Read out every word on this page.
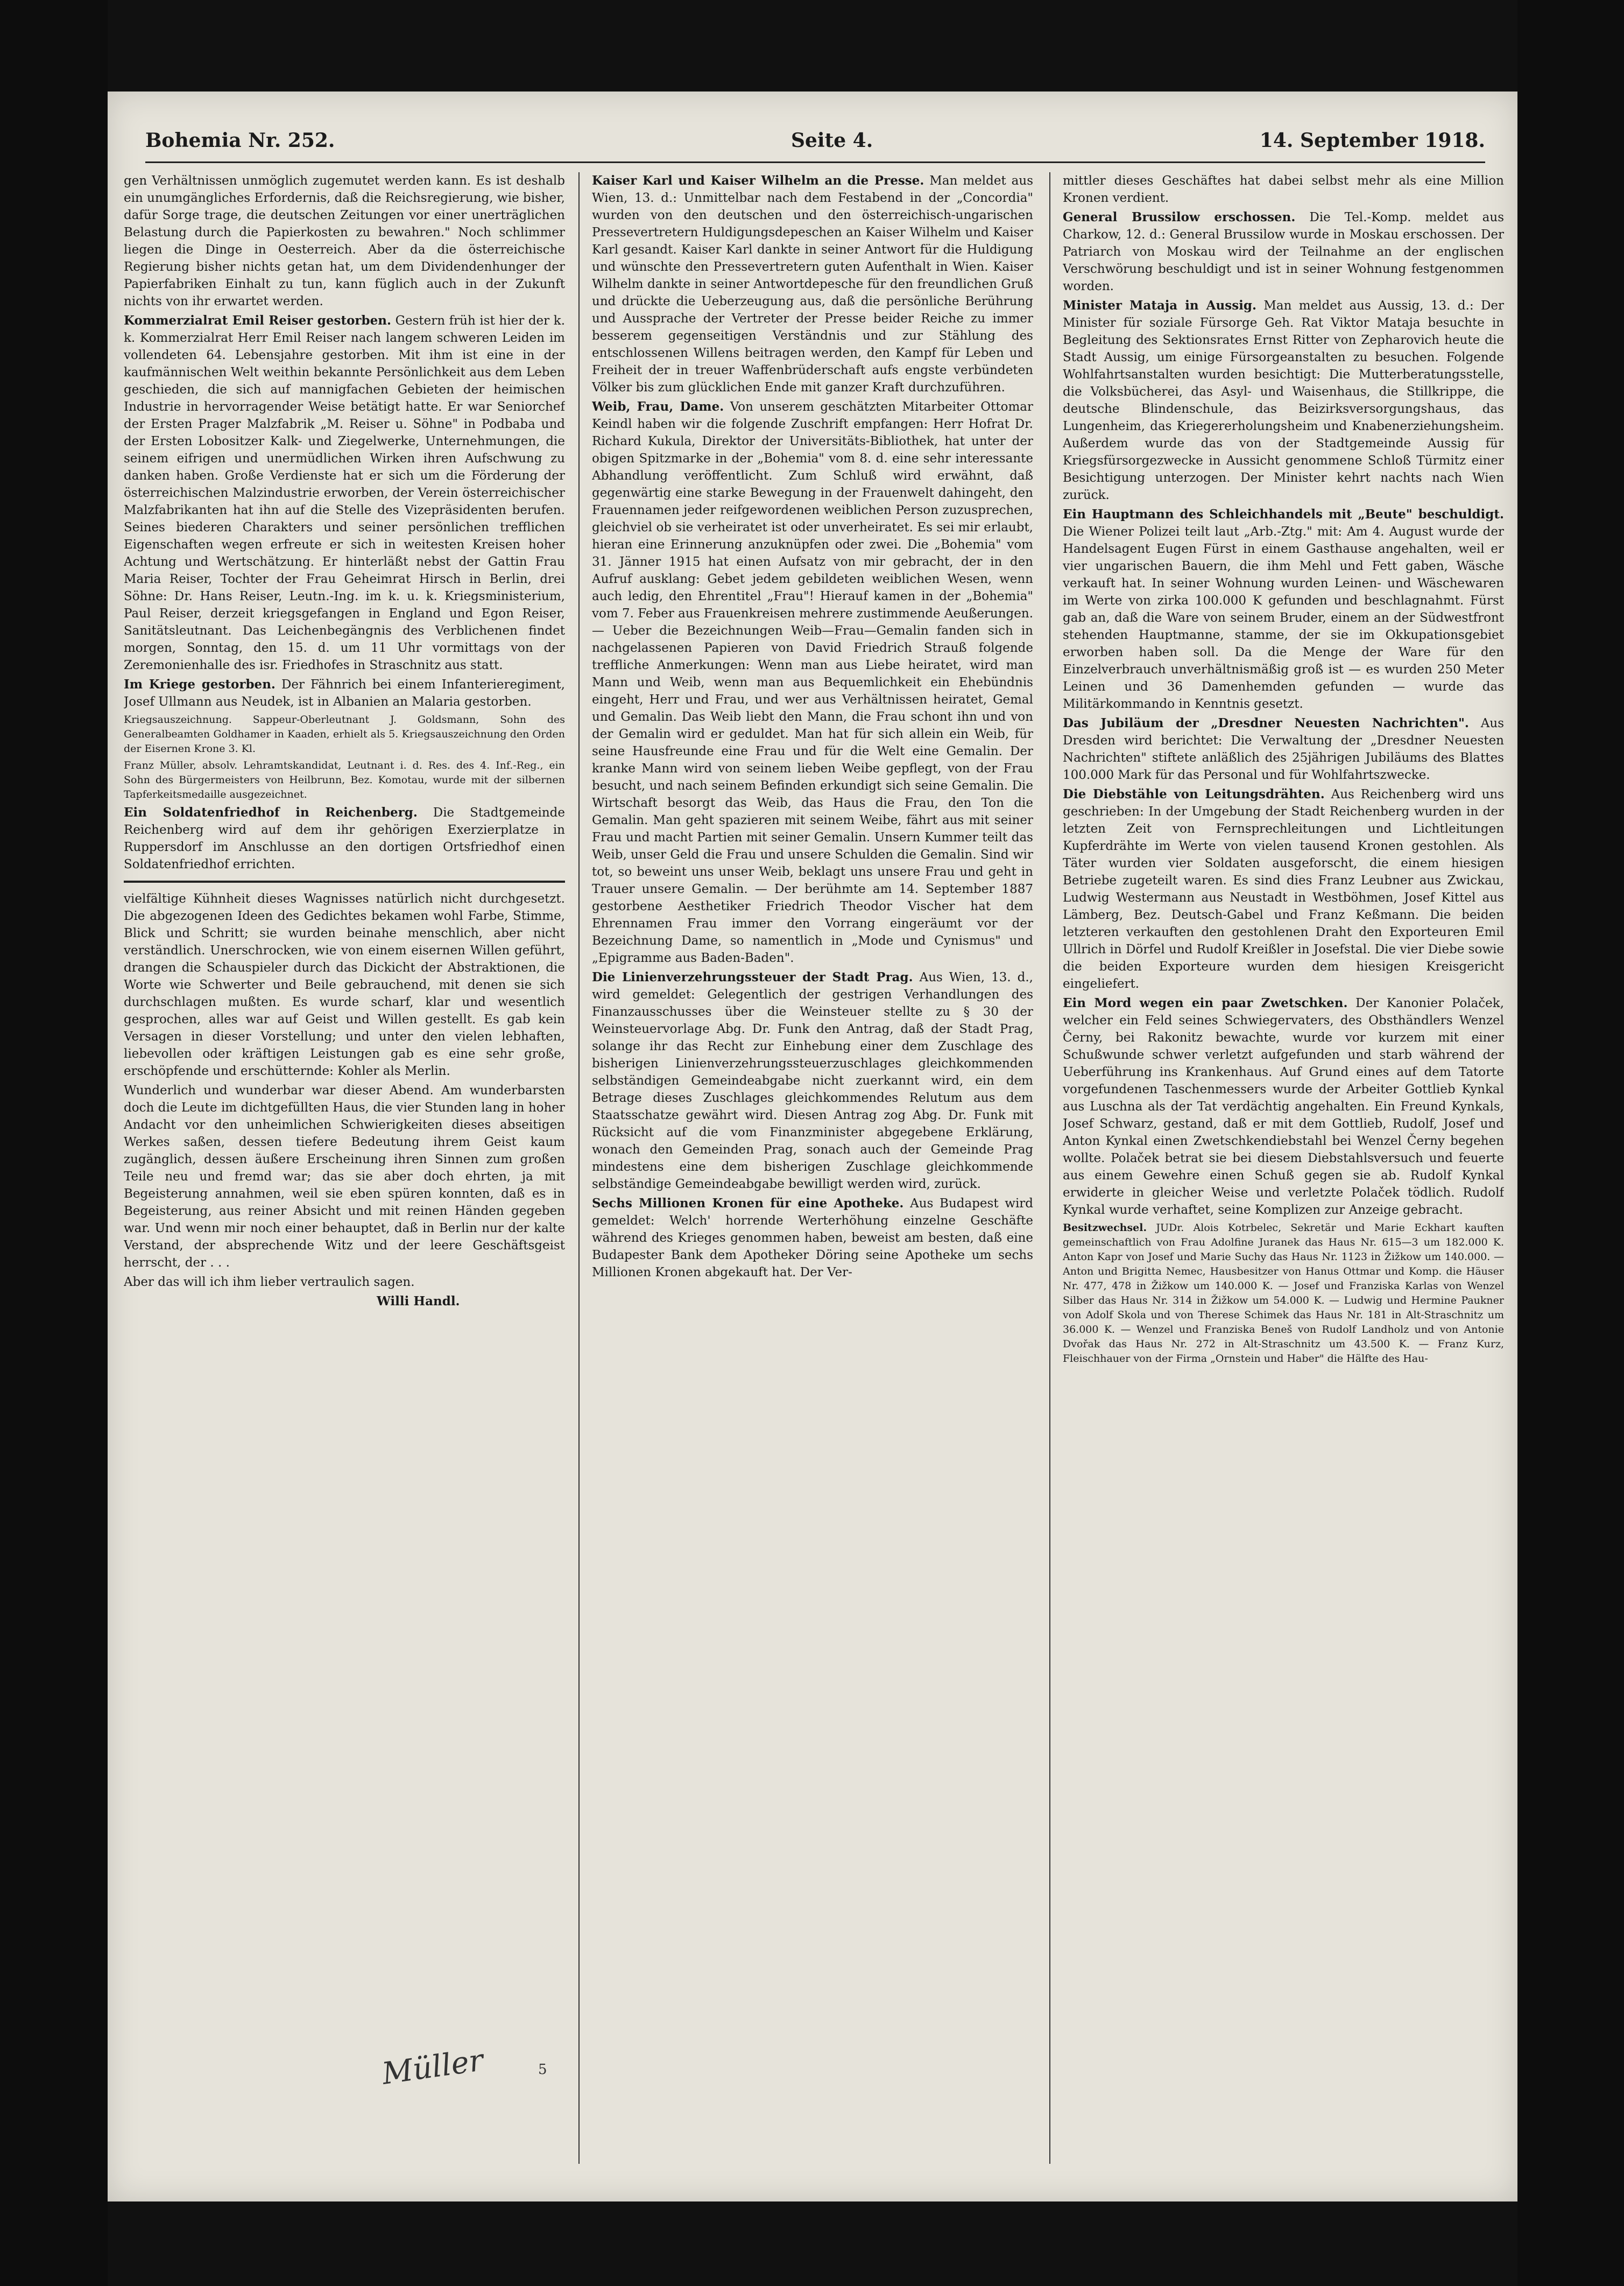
Bohemia Nr. 252.	Seite 4.	14. September 1918.

gen Verhältnissen unmöglich zugemutet werden kann. Es ist deshalb ein unumgängliches Erfordernis, daß die Reichsregierung, wie bisher, dafür Sorge trage, die deutschen Zeitungen vor einer unerträglichen Belastung durch die Papierkosten zu bewahren." Noch schlimmer liegen die Dinge in Oesterreich. Aber da die österreichische Regierung bisher nichts getan hat, um dem Dividendenhunger der Papierfabriken Einhalt zu tun, kann füglich auch in der Zukunft nichts von ihr erwartet werden.

Kommerzialrat Emil Reiser gestorben. Gestern früh ist hier der k. k. Kommerzialrat Herr Emil Reiser nach langem schweren Leiden im vollendeten 64. Lebensjahre gestorben. Mit ihm ist eine in der kaufmännischen Welt weithin bekannte Persönlichkeit aus dem Leben geschieden, die sich auf mannigfachen Gebieten der heimischen Industrie in hervorragender Weise betätigt hatte. Er war Seniorchef der Ersten Prager Malzfabrik „M. Reiser u. Söhne" in Podbaba und der Ersten Lobositzer Kalk- und Ziegelwerke, Unternehmungen, die seinem eifrigen und unermüdlichen Wirken ihren Aufschwung zu danken haben. Große Verdienste hat er sich um die Förderung der österreichischen Malzindustrie erworben, der Verein österreichischer Malzfabrikanten hat ihn auf die Stelle des Vizepräsidenten berufen. Seines biederen Charakters und seiner persönlichen trefflichen Eigenschaften wegen erfreute er sich in weitesten Kreisen hoher Achtung und Wertschätzung. Er hinterläßt nebst der Gattin Frau Maria Reiser, Tochter der Frau Geheimrat Hirsch in Berlin, drei Söhne: Dr. Hans Reiser, Leutn.-Ing. im k. u. k. Kriegsministerium, Paul Reiser, derzeit kriegsgefangen in England und Egon Reiser, Sanitätsleutnant. Das Leichenbegängnis des Verblichenen findet morgen, Sonntag, den 15. d. um 11 Uhr vormittags von der Zeremonienhalle des isr. Friedhofes in Straschnitz aus statt.

Im Kriege gestorben. Der Fähnrich bei einem Infanterieregiment, Josef Ullmann aus Neudek, ist in Albanien an Malaria gestorben.

Kriegsauszeichnung. Sappeur-Oberleutnant J. Goldsmann, Sohn des Generalbeamten Goldhamer in Kaaden, erhielt als 5. Kriegsauszeichnung den Orden der Eisernen Krone 3. Kl.

Franz Müller, absolv. Lehramtskandidat, Leutnant i. d. Res. des 4. Inf.-Reg., ein Sohn des Bürgermeisters von Heilbrunn, Bez. Komotau, wurde mit der silbernen Tapferkeitsmedaille ausgezeichnet.

Ein Soldatenfriedhof in Reichenberg. Die Stadtgemeinde Reichenberg wird auf dem ihr gehörigen Exerzierplatze in Ruppersdorf im Anschlusse an den dortigen Ortsfriedhof einen Soldatenfriedhof errichten.

vielfältige Kühnheit dieses Wagnisses natürlich nicht durchgesetzt. Die abgezogenen Ideen des Gedichtes bekamen wohl Farbe, Stimme, Blick und Schritt; sie wurden beinahe menschlich, aber nicht verständlich. Unerschrocken, wie von einem eisernen Willen geführt, drangen die Schauspieler durch das Dickicht der Abstraktionen, die Worte wie Schwerter und Beile gebrauchend, mit denen sie sich durchschlagen mußten. Es wurde scharf, klar und wesentlich gesprochen, alles war auf Geist und Willen gestellt. Es gab kein Versagen in dieser Vorstellung; und unter den vielen lebhaften, liebevollen oder kräftigen Leistungen gab es eine sehr große, erschöpfende und erschütternde: Kohler als Merlin.

Wunderlich und wunderbar war dieser Abend. Am wunderbarsten doch die Leute im dichtgefüllten Haus, die vier Stunden lang in hoher Andacht vor den unheimlichen Schwierigkeiten dieses abseitigen Werkes saßen, dessen tiefere Bedeutung ihrem Geist kaum zugänglich, dessen äußere Erscheinung ihren Sinnen zum großen Teile neu und fremd war; das sie aber doch ehrten, ja mit Begeisterung annahmen, weil sie eben spüren konnten, daß es in Begeisterung, aus reiner Absicht und mit reinen Händen gegeben war. Und wenn mir noch einer behauptet, daß in Berlin nur der kalte Verstand, der absprechende Witz und der leere Geschäftsgeist herrscht, der . . .

Aber das will ich ihm lieber vertraulich sagen.

Willi Handl.

Kaiser Karl und Kaiser Wilhelm an die Presse. Man meldet aus Wien, 13. d.: Unmittelbar nach dem Festabend in der „Concordia" wurden von den deutschen und den österreichisch-ungarischen Pressevertretern Huldigungsdepeschen an Kaiser Wilhelm und Kaiser Karl gesandt. Kaiser Karl dankte in seiner Antwort für die Huldigung und wünschte den Pressevertretern guten Aufenthalt in Wien. Kaiser Wilhelm dankte in seiner Antwortdepesche für den freundlichen Gruß und drückte die Ueberzeugung aus, daß die persönliche Berührung und Aussprache der Vertreter der Presse beider Reiche zu immer besserem gegenseitigen Verständnis und zur Stählung des entschlossenen Willens beitragen werden, den Kampf für Leben und Freiheit der in treuer Waffenbrüderschaft aufs engste verbündeten Völker bis zum glücklichen Ende mit ganzer Kraft durchzuführen.

Weib, Frau, Dame. Von unserem geschätzten Mitarbeiter Ottomar Keindl haben wir die folgende Zuschrift empfangen: Herr Hofrat Dr. Richard Kukula, Direktor der Universitäts-Bibliothek, hat unter der obigen Spitzmarke in der „Bohemia" vom 8. d. eine sehr interessante Abhandlung veröffentlicht. Zum Schluß wird erwähnt, daß gegenwärtig eine starke Bewegung in der Frauenwelt dahingeht, den Frauennamen jeder reifgewordenen weiblichen Person zuzusprechen, gleichviel ob sie verheiratet ist oder unverheiratet. Es sei mir erlaubt, hieran eine Erinnerung anzuknüpfen oder zwei. Die „Bohemia" vom 31. Jänner 1915 hat einen Aufsatz von mir gebracht, der in den Aufruf ausklang: Gebet jedem gebildeten weiblichen Wesen, wenn auch ledig, den Ehrentitel „Frau"! Hierauf kamen in der „Bohemia" vom 7. Feber aus Frauenkreisen mehrere zustimmende Aeußerungen. — Ueber die Bezeichnungen Weib—Frau—Gemalin fanden sich in nachgelassenen Papieren von David Friedrich Strauß folgende treffliche Anmerkungen: Wenn man aus Liebe heiratet, wird man Mann und Weib, wenn man aus Bequemlichkeit ein Ehebündnis eingeht, Herr und Frau, und wer aus Verhältnissen heiratet, Gemal und Gemalin. Das Weib liebt den Mann, die Frau schont ihn und von der Gemalin wird er geduldet. Man hat für sich allein ein Weib, für seine Hausfreunde eine Frau und für die Welt eine Gemalin. Der kranke Mann wird von seinem lieben Weibe gepflegt, von der Frau besucht, und nach seinem Befinden erkundigt sich seine Gemalin. Die Wirtschaft besorgt das Weib, das Haus die Frau, den Ton die Gemalin. Man geht spazieren mit seinem Weibe, fährt aus mit seiner Frau und macht Partien mit seiner Gemalin. Unsern Kummer teilt das Weib, unser Geld die Frau und unsere Schulden die Gemalin. Sind wir tot, so beweint uns unser Weib, beklagt uns unsere Frau und geht in Trauer unsere Gemalin. — Der berühmte am 14. September 1887 gestorbene Aesthetiker Friedrich Theodor Vischer hat dem Ehrennamen Frau immer den Vorrang eingeräumt vor der Bezeichnung Dame, so namentlich in „Mode und Cynismus" und „Epigramme aus Baden-Baden".

Die Linienverzehrungssteuer der Stadt Prag. Aus Wien, 13. d., wird gemeldet: Gelegentlich der gestrigen Verhandlungen des Finanzausschusses über die Weinsteuer stellte zu § 30 der Weinsteuervorlage Abg. Dr. Funk den Antrag, daß der Stadt Prag, solange ihr das Recht zur Einhebung einer dem Zuschlage des bisherigen Linienverzehrungssteuerzuschlages gleichkommenden selbständigen Gemeindeabgabe nicht zuerkannt wird, ein dem Betrage dieses Zuschlages gleichkommendes Relutum aus dem Staatsschatze gewährt wird. Diesen Antrag zog Abg. Dr. Funk mit Rücksicht auf die vom Finanzminister abgegebene Erklärung, wonach den Gemeinden Prag, sonach auch der Gemeinde Prag mindestens eine dem bisherigen Zuschlage gleichkommende selbständige Gemeindeabgabe bewilligt werden wird, zurück.

Sechs Millionen Kronen für eine Apotheke. Aus Budapest wird gemeldet: Welch' horrende Werterhöhung einzelne Geschäfte während des Krieges genommen haben, beweist am besten, daß eine Budapester Bank dem Apotheker Döring seine Apotheke um sechs Millionen Kronen abgekauft hat. Der Ver-

mittler dieses Geschäftes hat dabei selbst mehr als eine Million Kronen verdient.

General Brussilow erschossen. Die Tel.-Komp. meldet aus Charkow, 12. d.: General Brussilow wurde in Moskau erschossen. Der Patriarch von Moskau wird der Teilnahme an der englischen Verschwörung beschuldigt und ist in seiner Wohnung festgenommen worden.

Minister Mataja in Aussig. Man meldet aus Aussig, 13. d.: Der Minister für soziale Fürsorge Geh. Rat Viktor Mataja besuchte in Begleitung des Sektionsrates Ernst Ritter von Zepharovich heute die Stadt Aussig, um einige Fürsorgeanstalten zu besuchen. Folgende Wohlfahrtsanstalten wurden besichtigt: Die Mutterberatungsstelle, die Volksbücherei, das Asyl- und Waisenhaus, die Stillkrippe, die deutsche Blindenschule, das Beizirksversorgungshaus, das Lungenheim, das Kriegererholungsheim und Knabenerziehungsheim. Außerdem wurde das von der Stadtgemeinde Aussig für Kriegsfürsorgezwecke in Aussicht genommene Schloß Türmitz einer Besichtigung unterzogen. Der Minister kehrt nachts nach Wien zurück.

Ein Hauptmann des Schleichhandels mit „Beute" beschuldigt. Die Wiener Polizei teilt laut „Arb.-Ztg." mit: Am 4. August wurde der Handelsagent Eugen Fürst in einem Gasthause angehalten, weil er vier ungarischen Bauern, die ihm Mehl und Fett gaben, Wäsche verkauft hat. In seiner Wohnung wurden Leinen- und Wäschewaren im Werte von zirka 100.000 K gefunden und beschlagnahmt. Fürst gab an, daß die Ware von seinem Bruder, einem an der Südwestfront stehenden Hauptmanne, stamme, der sie im Okkupationsgebiet erworben haben soll. Da die Menge der Ware für den Einzelverbrauch unverhältnismäßig groß ist — es wurden 250 Meter Leinen und 36 Damenhemden gefunden — wurde das Militärkommando in Kenntnis gesetzt.

Das Jubiläum der „Dresdner Neuesten Nachrichten". Aus Dresden wird berichtet: Die Verwaltung der „Dresdner Neuesten Nachrichten" stiftete anläßlich des 25jährigen Jubiläums des Blattes 100.000 Mark für das Personal und für Wohlfahrtszwecke.

Die Diebstähle von Leitungsdrähten. Aus Reichenberg wird uns geschrieben: In der Umgebung der Stadt Reichenberg wurden in der letzten Zeit von Fernsprechleitungen und Lichtleitungen Kupferdrähte im Werte von vielen tausend Kronen gestohlen. Als Täter wurden vier Soldaten ausgeforscht, die einem hiesigen Betriebe zugeteilt waren. Es sind dies Franz Leubner aus Zwickau, Ludwig Westermann aus Neustadt in Westböhmen, Josef Kittel aus Lämberg, Bez. Deutsch-Gabel und Franz Keßmann. Die beiden letzteren verkauften den gestohlenen Draht den Exporteuren Emil Ullrich in Dörfel und Rudolf Kreißler in Josefstal. Die vier Diebe sowie die beiden Exporteure wurden dem hiesigen Kreisgericht eingeliefert.

Ein Mord wegen ein paar Zwetschken. Der Kanonier Polaček, welcher ein Feld seines Schwiegervaters, des Obsthändlers Wenzel Černy, bei Rakonitz bewachte, wurde vor kurzem mit einer Schußwunde schwer verletzt aufgefunden und starb während der Ueberführung ins Krankenhaus. Auf Grund eines auf dem Tatorte vorgefundenen Taschenmessers wurde der Arbeiter Gottlieb Kynkal aus Luschna als der Tat verdächtig angehalten. Ein Freund Kynkals, Josef Schwarz, gestand, daß er mit dem Gottlieb, Rudolf, Josef und Anton Kynkal einen Zwetschkendiebstahl bei Wenzel Černy begehen wollte. Polaček betrat sie bei diesem Diebstahlsversuch und feuerte aus einem Gewehre einen Schuß gegen sie ab. Rudolf Kynkal erwiderte in gleicher Weise und verletzte Polaček tödlich. Rudolf Kynkal wurde verhaftet, seine Komplizen zur Anzeige gebracht.

Besitzwechsel. JUDr. Alois Kotrbelec, Sekretär und Marie Eckhart kauften gemeinschaftlich von Frau Adolfine Juranek das Haus Nr. 615—3 um 182.000 K. Anton Kapr von Josef und Marie Suchy das Haus Nr. 1123 in Žižkow um 140.000. — Anton und Brigitta Nemec, Hausbesitzer von Hanus Ottmar und Komp. die Häuser Nr. 477, 478 in Žižkow um 140.000 K. — Josef und Franziska Karlas von Wenzel Silber das Haus Nr. 314 in Žižkow um 54.000 K. — Ludwig und Hermine Paukner von Adolf Skola und von Therese Schimek das Haus Nr. 181 in Alt-Straschnitz um 36.000 K. — Wenzel und Franziska Beneš von Rudolf Landholz und von Antonie Dvořak das Haus Nr. 272 in Alt-Straschnitz um 43.500 K. — Franz Kurz, Fleischhauer von der Firma „Ornstein und Haber" die Hälfte des Hau-

Müller	5
